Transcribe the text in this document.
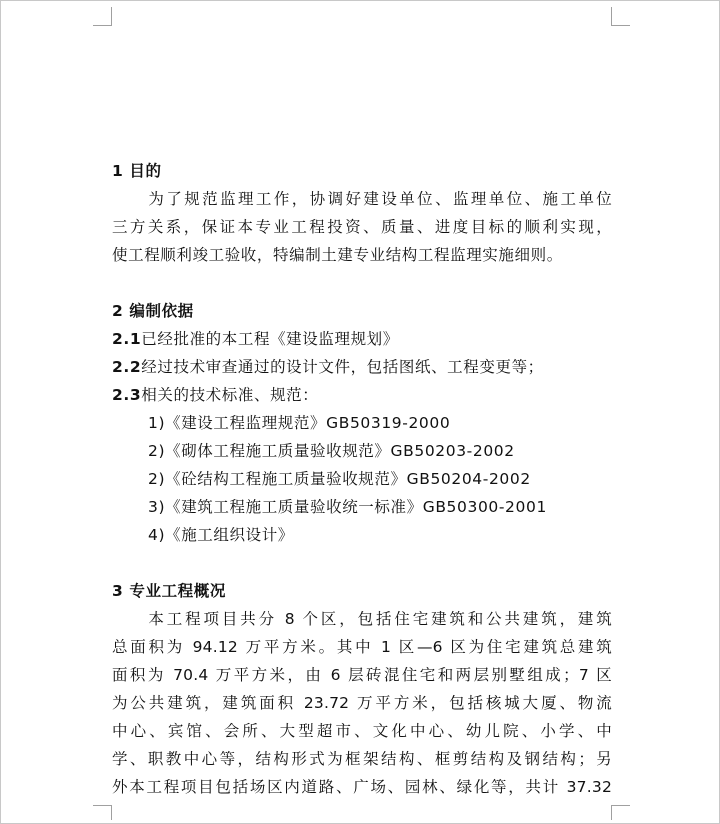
1 目的
为了规范监理工作，协调好建设单位、监理单位、施工单位
三方关系，保证本专业工程投资、质量、进度目标的顺利实现，
使工程顺利竣工验收，特编制土建专业结构工程监理实施细则。
2 编制依据
2.1已经批准的本工程《建设监理规划》
2.2经过技术审查通过的设计文件，包括图纸、工程变更等；
2.3相关的技术标准、规范：
1)《建设工程监理规范》GB50319-2000
2)《砌体工程施工质量验收规范》GB50203-2002
2)《砼结构工程施工质量验收规范》GB50204-2002
3)《建筑工程施工质量验收统一标准》GB50300-2001
4)《施工组织设计》
3 专业工程概况
本工程项目共分 8 个区，包括住宅建筑和公共建筑，建筑
总面积为 94.12 万平方米。其中 1 区—6 区为住宅建筑总建筑
面积为 70.4 万平方米，由 6 层砖混住宅和两层别墅组成；7 区
为公共建筑，建筑面积 23.72 万平方米，包括核城大厦、物流
中心、宾馆、会所、大型超市、文化中心、幼儿院、小学、中
学、职教中心等，结构形式为框架结构、框剪结构及钢结构；另
外本工程项目包括场区内道路、广场、园林、绿化等，共计 37.32
